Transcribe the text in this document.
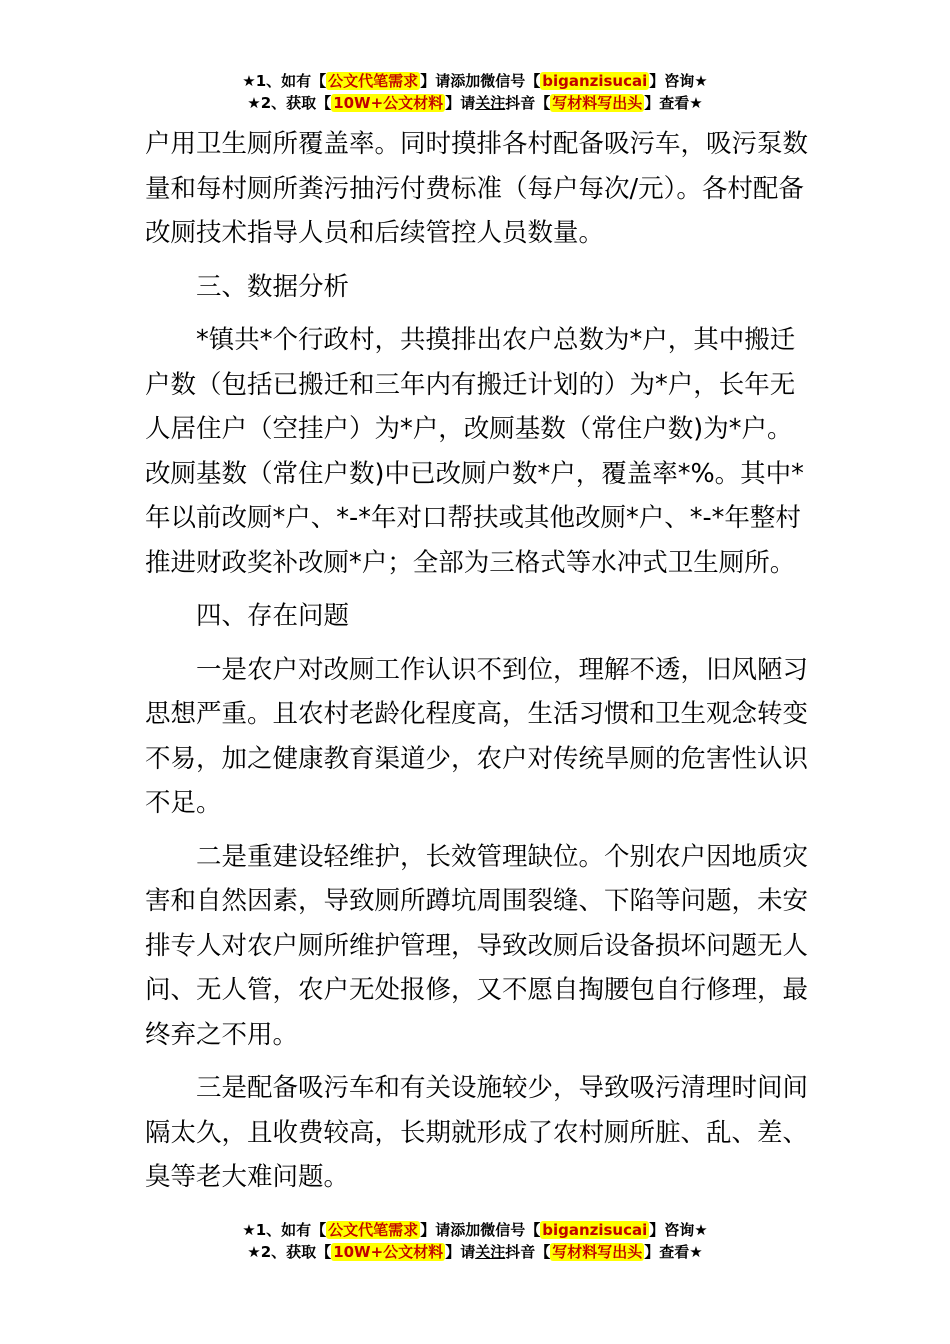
★1、如有【 公文代笔需求 】请添加微信号【 biganzisucai 】咨询★
★2、获取【 10W+公文材料 】请关注抖音【 写材料写出头 】查看★

户用卫生厕所覆盖率。同时摸排各村配备吸污车，吸污泵数量和每村厕所粪污抽污付费标准（每户每次/元）。各村配备改厕技术指导人员和后续管控人员数量。

三、数据分析

*镇共*个行政村，共摸排出农户总数为*户，其中搬迁户数（包括已搬迁和三年内有搬迁计划的）为*户，长年无人居住户（空挂户）为*户，改厕基数（常住户数)为*户。改厕基数（常住户数)中已改厕户数*户，覆盖率*%。其中*年以前改厕*户、*-*年对口帮扶或其他改厕*户、*-*年整村推进财政奖补改厕*户；全部为三格式等水冲式卫生厕所。

四、存在问题

一是农户对改厕工作认识不到位，理解不透，旧风陋习思想严重。且农村老龄化程度高，生活习惯和卫生观念转变不易，加之健康教育渠道少，农户对传统旱厕的危害性认识不足。

二是重建设轻维护，长效管理缺位。个别农户因地质灾害和自然因素，导致厕所蹲坑周围裂缝、下陷等问题，未安排专人对农户厕所维护管理，导致改厕后设备损坏问题无人问、无人管，农户无处报修，又不愿自掏腰包自行修理，最终弃之不用。

三是配备吸污车和有关设施较少，导致吸污清理时间间隔太久，且收费较高，长期就形成了农村厕所脏、乱、差、臭等老大难问题。

★1、如有【 公文代笔需求 】请添加微信号【 biganzisucai 】咨询★
★2、获取【 10W+公文材料 】请关注抖音【 写材料写出头 】查看★
